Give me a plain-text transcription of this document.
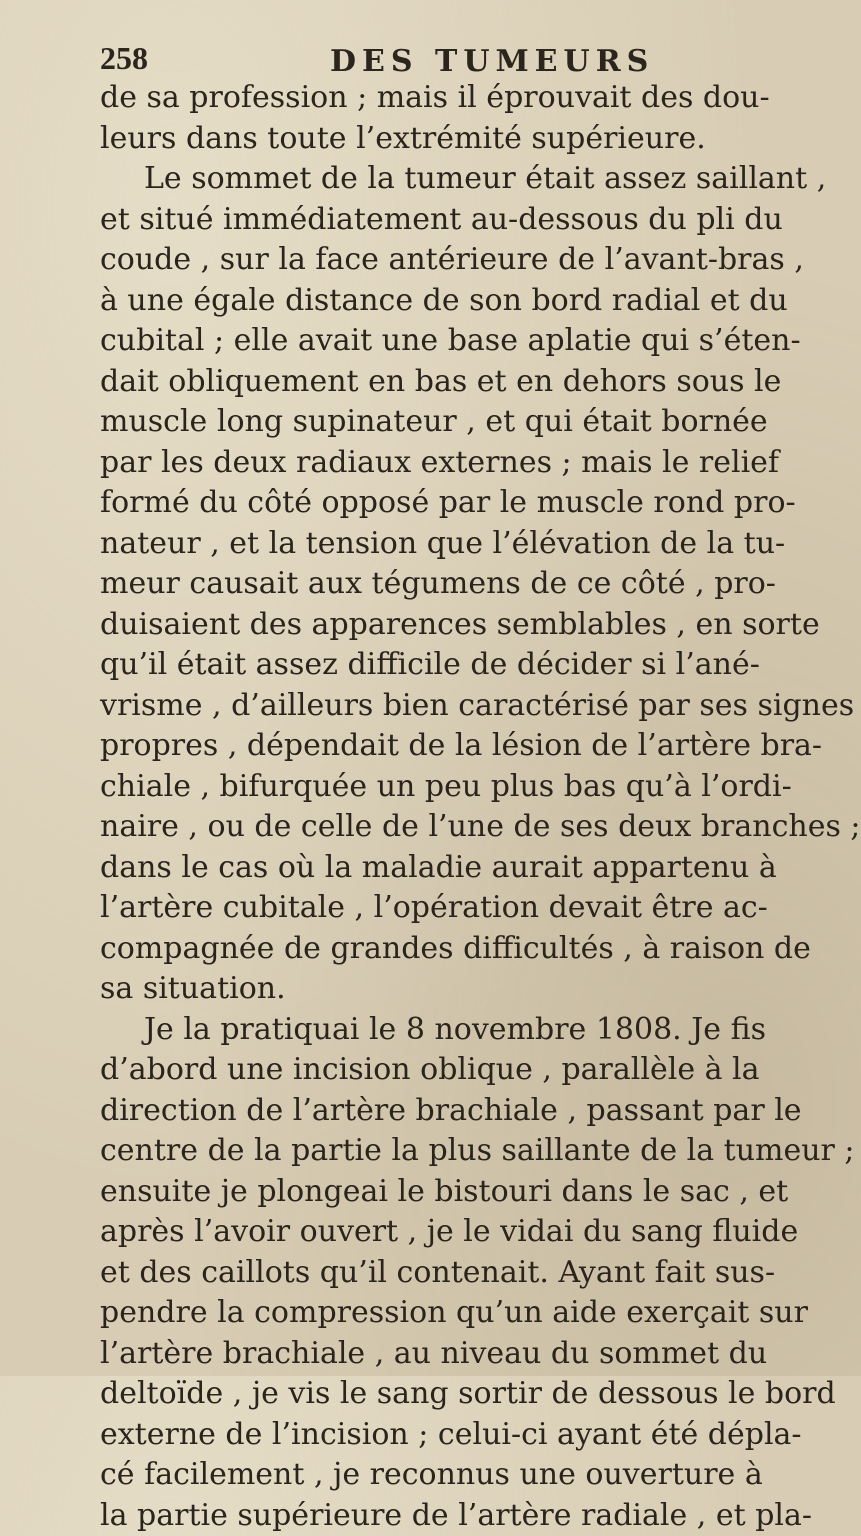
258	DES TUMEURS
de sa profession ; mais il éprouvait des dou-
leurs dans toute l’extrémité supérieure.
Le sommet de la tumeur était assez saillant ,
et situé immédiatement au-dessous du pli du
coude , sur la face antérieure de l’avant-bras ,
à une égale distance de son bord radial et du
cubital ; elle avait une base aplatie qui s’éten-
dait obliquement en bas et en dehors sous le
muscle long supinateur , et qui était bornée
par les deux radiaux externes ; mais le relief
formé du côté opposé par le muscle rond pro-
nateur , et la tension que l’élévation de la tu-
meur causait aux tégumens de ce côté , pro-
duisaient des apparences semblables , en sorte
qu’il était assez difficile de décider si l’ané-
vrisme , d’ailleurs bien caractérisé par ses signes
propres , dépendait de la lésion de l’artère bra-
chiale , bifurquée un peu plus bas qu’à l’ordi-
naire , ou de celle de l’une de ses deux branches ;
dans le cas où la maladie aurait appartenu à
l’artère cubitale , l’opération devait être ac-
compagnée de grandes difficultés , à raison de
sa situation.
Je la pratiquai le 8 novembre 1808. Je fis
d’abord une incision oblique , parallèle à la
direction de l’artère brachiale , passant par le
centre de la partie la plus saillante de la tumeur ;
ensuite je plongeai le bistouri dans le sac , et
après l’avoir ouvert , je le vidai du sang fluide
et des caillots qu’il contenait. Ayant fait sus-
pendre la compression qu’un aide exerçait sur
l’artère brachiale , au niveau du sommet du
deltoïde , je vis le sang sortir de dessous le bord
externe de l’incision ; celui-ci ayant été dépla-
cé facilement , je reconnus une ouverture à
la partie supérieure de l’artère radiale , et pla-
